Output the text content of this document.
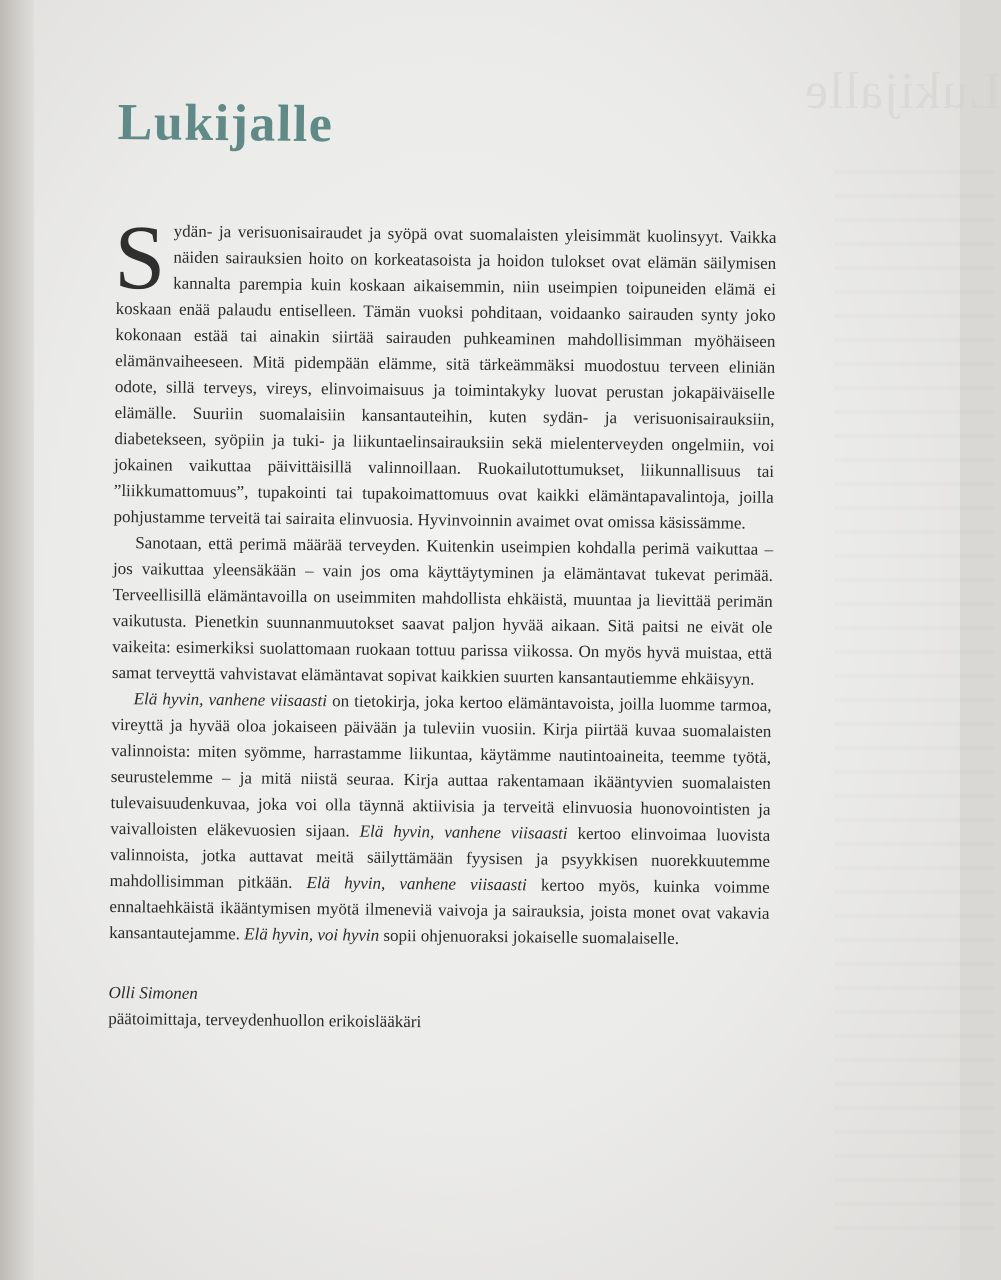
Lukijalle
Lukijalle

Sydän- ja verisuonisairaudet ja syöpä ovat suomalaisten yleisimmät kuolinsyyt. Vaikka näiden sairauksien hoito on korkeatasoista ja hoidon tulokset ovat elämän säilymisen kannalta parempia kuin koskaan aikaisemmin, niin useimpien toipuneiden elämä ei koskaan enää palaudu entiselleen. Tämän vuoksi pohditaan, voidaanko sairauden synty joko kokonaan estää tai ainakin siirtää sairauden puhkeaminen mahdollisimman myöhäiseen elämänvaiheeseen. Mitä pidempään elämme, sitä tärkeämmäksi muodostuu terveen eliniän odote, sillä terveys, vireys, elinvoimaisuus ja toimintakyky luovat perustan jokapäiväiselle elämälle. Suuriin suomalaisiin kansantauteihin, kuten sydän- ja verisuonisairauksiin, diabetekseen, syöpiin ja tuki- ja liikuntaelinsairauksiin sekä mielenterveyden ongelmiin, voi jokainen vaikuttaa päivittäisillä valinnoillaan. Ruokailutottumukset, liikunnallisuus tai ”liikkumattomuus”, tupakointi tai tupakoimattomuus ovat kaikki elämäntapavalintoja, joilla pohjustamme terveitä tai sairaita elinvuosia. Hyvinvoinnin avaimet ovat omissa käsissämme.

Sanotaan, että perimä määrää terveyden. Kuitenkin useimpien kohdalla perimä vaikuttaa – jos vaikuttaa yleensäkään – vain jos oma käyttäytyminen ja elämäntavat tukevat perimää. Terveellisillä elämäntavoilla on useimmiten mahdollista ehkäistä, muuntaa ja lievittää perimän vaikutusta. Pienetkin suunnanmuutokset saavat paljon hyvää aikaan. Sitä paitsi ne eivät ole vaikeita: esimerkiksi suolattomaan ruokaan tottuu parissa viikossa. On myös hyvä muistaa, että samat terveyttä vahvistavat elämäntavat sopivat kaikkien suurten kansantautiemme ehkäisyyn.

Elä hyvin, vanhene viisaasti on tietokirja, joka kertoo elämäntavoista, joilla luomme tarmoa, vireyttä ja hyvää oloa jokaiseen päivään ja tuleviin vuosiin. Kirja piirtää kuvaa suomalaisten valinnoista: miten syömme, harrastamme liikuntaa, käytämme nautintoaineita, teemme työtä, seurustelemme – ja mitä niistä seuraa. Kirja auttaa rakentamaan ikääntyvien suomalaisten tulevaisuudenkuvaa, joka voi olla täynnä aktiivisia ja terveitä elinvuosia huonovointisten ja vaivalloisten eläkevuosien sijaan. Elä hyvin, vanhene viisaasti kertoo elinvoimaa luovista valinnoista, jotka auttavat meitä säilyttämään fyysisen ja psyykkisen nuorekkuutemme mahdollisimman pitkään. Elä hyvin, vanhene viisaasti kertoo myös, kuinka voimme ennaltaehkäistä ikääntymisen myötä ilmeneviä vaivoja ja sairauksia, joista monet ovat vakavia kansantautejamme. Elä hyvin, voi hyvin sopii ohjenuoraksi jokaiselle suomalaiselle.

Olli Simonen
päätoimittaja, terveydenhuollon erikoislääkäri
